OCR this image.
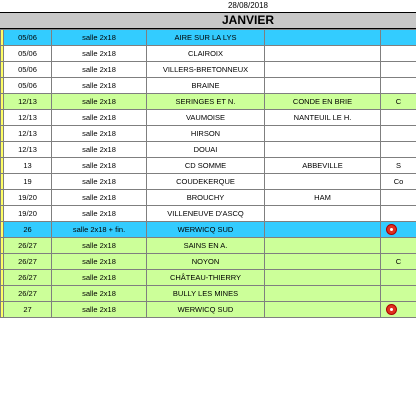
28/08/2018
JANVIER
	05/06	salle 2x18	AIRE SUR LA LYS		
	05/06	salle 2x18	CLAIROIX		
	05/06	salle 2x18	VILLERS-BRETONNEUX		
	05/06	salle 2x18	BRAINE		
	12/13	salle 2x18	SERINGES ET N.	CONDE EN BRIE	C
	12/13	salle 2x18	VAUMOISE	NANTEUIL LE H.	
	12/13	salle 2x18	HIRSON		
	12/13	salle 2x18	DOUAI		
	13	salle 2x18	CD SOMME	ABBEVILLE	S
	19	salle 2x18	COUDEKERQUE		Co
	19/20	salle 2x18	BROUCHY	HAM	
	19/20	salle 2x18	VILLENEUVE D'ASCQ		
	26	salle 2x18 + fin.	WERWICQ SUD		
	26/27	salle 2x18	SAINS EN A.		
	26/27	salle 2x18	NOYON		C
	26/27	salle 2x18	CHÂTEAU-THIERRY		
	26/27	salle 2x18	BULLY LES MINES		
	27	salle 2x18	WERWICQ SUD		
